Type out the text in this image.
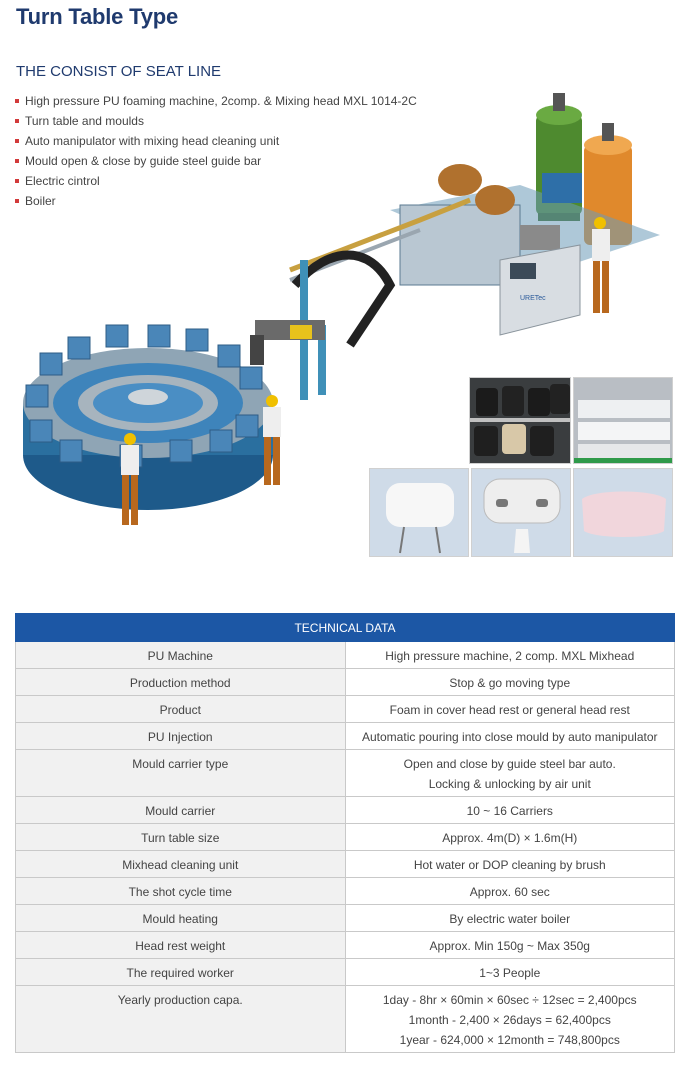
Turn Table Type
THE CONSIST OF SEAT LINE
High pressure PU foaming machine, 2comp. & Mixing head MXL 1014-2C
Turn table and moulds
Auto manipulator with mixing head cleaning unit
Mould open & close by guide steel guide bar
Electric cintrol
Boiler
URETec
TECHNICAL DATA	
PU Machine	High pressure machine, 2 comp. MXL Mixhead

Production method	Stop & go moving type

Product	Foam in cover head rest or general head rest

PU Injection	Automatic pouring into close mould by auto manipulator

Mould carrier type	Open and close by guide steel bar auto.
Locking & unlocking by air unit

Mould carrier	10 ~ 16 Carriers

Turn table size	Approx. 4m(D) × 1.6m(H)

Mixhead cleaning unit	Hot water or DOP cleaning by brush

The shot cycle time	Approx. 60 sec

Mould heating	By electric water boiler

Head rest weight	Approx. Min 150g ~ Max 350g

The required worker	1~3 People

Yearly production capa.	1day - 8hr × 60min × 60sec ÷ 12sec = 2,400pcs
1month - 2,400 × 26days = 62,400pcs
1year - 624,000 × 12month = 748,800pcs
